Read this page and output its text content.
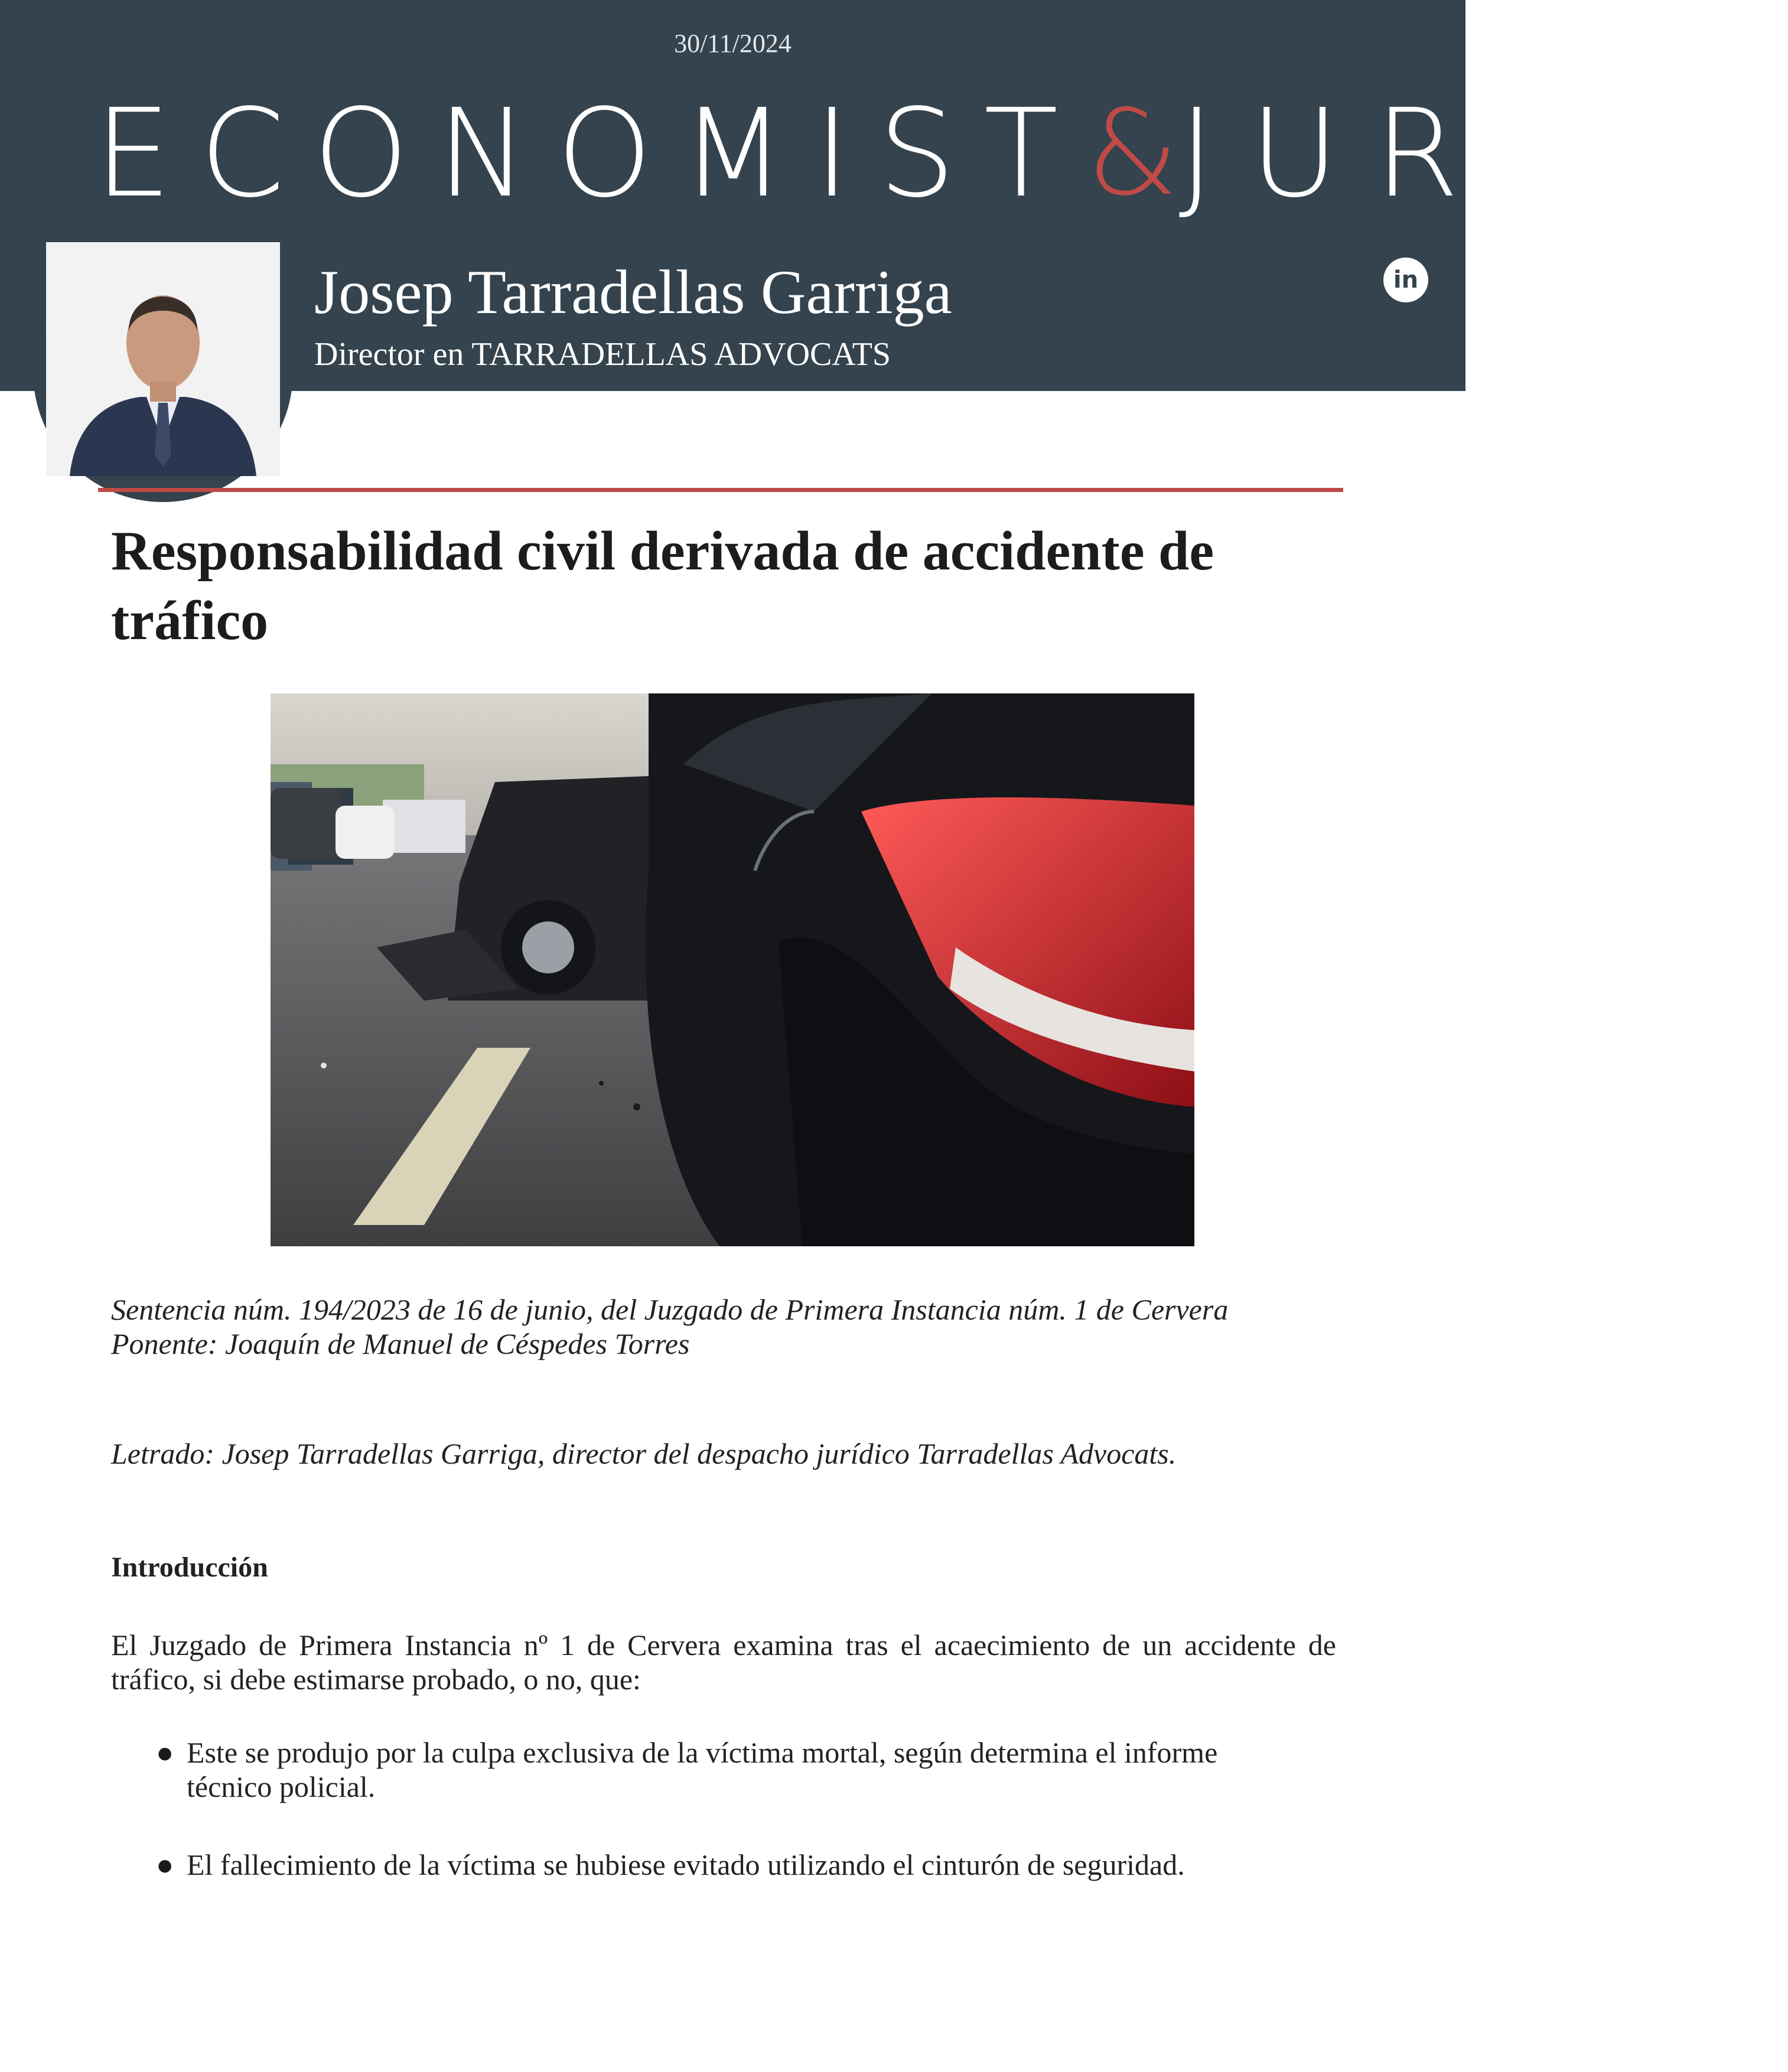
30/11/2024
ECONOMIST & JURIST
Josep Tarradellas Garriga
Director en TARRADELLAS ADVOCATS
in
Responsabilidad civil derivada de accidente de tráfico
Sentencia núm. 194/2023 de 16 de junio, del Juzgado de Primera Instancia núm. 1 de Cervera
Ponente: Joaquín de Manuel de Céspedes Torres
Letrado: Josep Tarradellas Garriga, director del despacho jurídico Tarradellas Advocats.
Introducción
El Juzgado de Primera Instancia nº 1 de Cervera examina tras el acaecimiento de un accidente de tráfico, si debe estimarse probado, o no, que:
● Este se produjo por la culpa exclusiva de la víctima mortal, según determina el informe técnico policial.
● El fallecimiento de la víctima se hubiese evitado utilizando el cinturón de seguridad.
